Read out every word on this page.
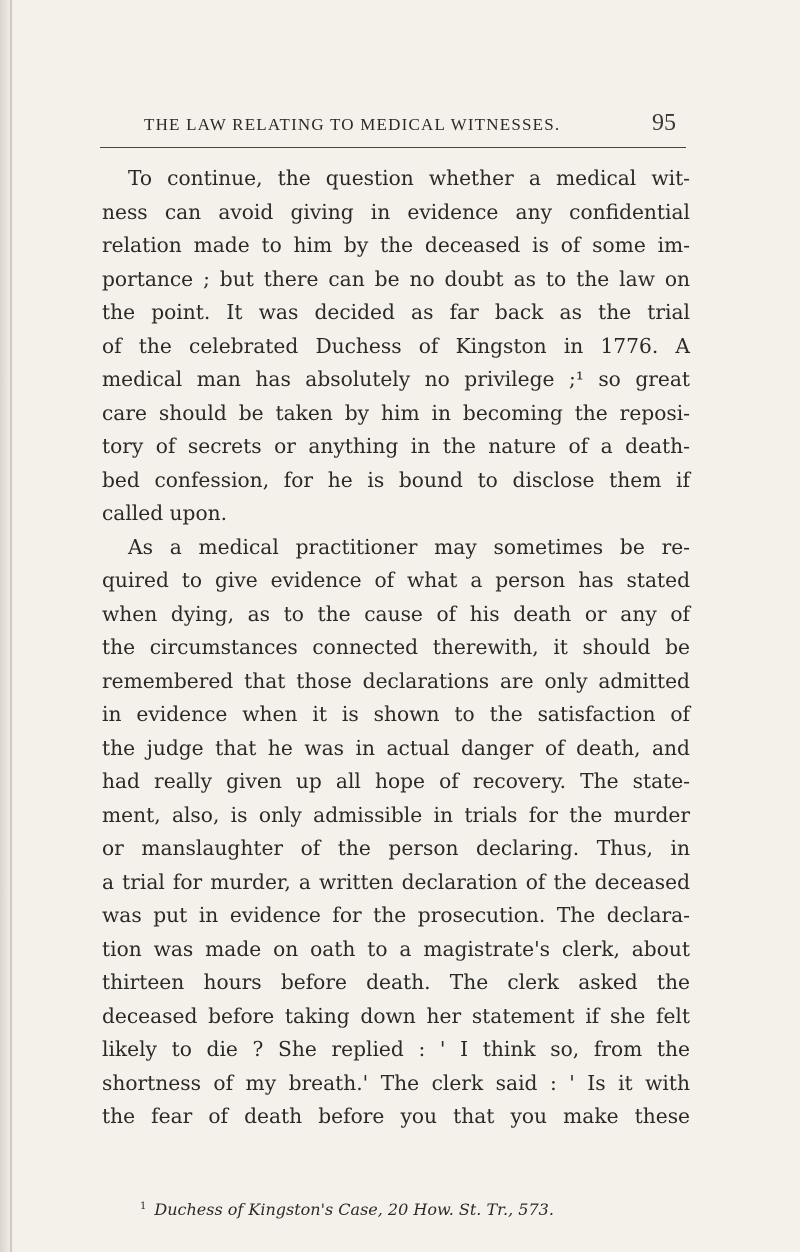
THE LAW RELATING TO MEDICAL WITNESSES.	95
To continue, the question whether a medical wit-
ness can avoid giving in evidence any confidential
relation made to him by the deceased is of some im-
portance ; but there can be no doubt as to the law on
the point. It was decided as far back as the trial
of the celebrated Duchess of Kingston in 1776. A
medical man has absolutely no privilege ;¹ so great
care should be taken by him in becoming the reposi-
tory of secrets or anything in the nature of a death-
bed confession, for he is bound to disclose them if
called upon.
As a medical practitioner may sometimes be re-
quired to give evidence of what a person has stated
when dying, as to the cause of his death or any of
the circumstances connected therewith, it should be
remembered that those declarations are only admitted
in evidence when it is shown to the satisfaction of
the judge that he was in actual danger of death, and
had really given up all hope of recovery. The state-
ment, also, is only admissible in trials for the murder
or manslaughter of the person declaring. Thus, in
a trial for murder, a written declaration of the deceased
was put in evidence for the prosecution. The declara-
tion was made on oath to a magistrate's clerk, about
thirteen hours before death. The clerk asked the
deceased before taking down her statement if she felt
likely to die ? She replied : ' I think so, from the
shortness of my breath.' The clerk said : ' Is it with
the fear of death before you that you make these
$^1$ Duchess of Kingston's Case, 20 How. St. Tr., 573.
